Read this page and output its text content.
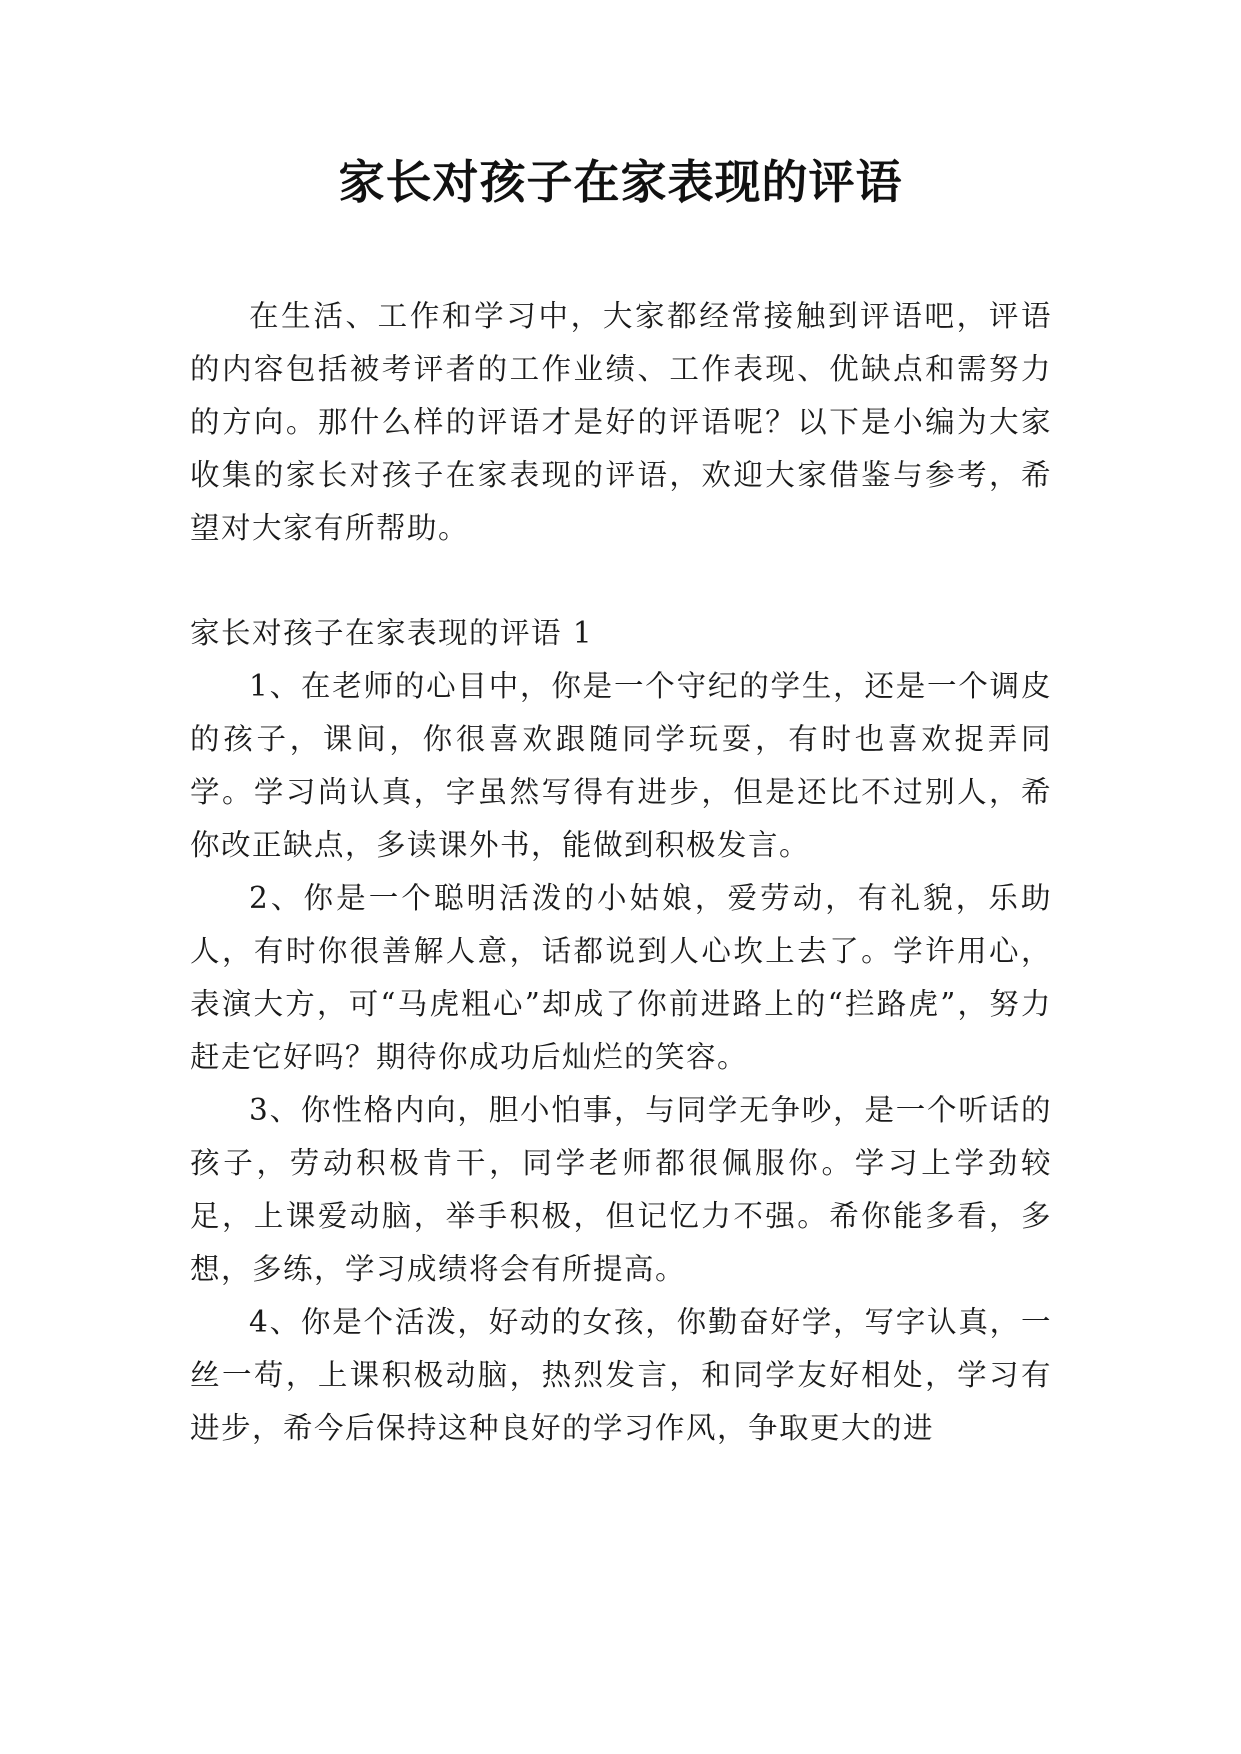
家长对孩子在家表现的评语

在生活、工作和学习中，大家都经常接触到评语吧，评语的内容包括被考评者的工作业绩、工作表现、优缺点和需努力的方向。那什么样的评语才是好的评语呢？以下是小编为大家收集的家长对孩子在家表现的评语，欢迎大家借鉴与参考，希望对大家有所帮助。

家长对孩子在家表现的评语 1

1、在老师的心目中，你是一个守纪的学生，还是一个调皮的孩子，课间，你很喜欢跟随同学玩耍，有时也喜欢捉弄同学。学习尚认真，字虽然写得有进步，但是还比不过别人，希你改正缺点，多读课外书，能做到积极发言。

2、你是一个聪明活泼的小姑娘，爱劳动，有礼貌，乐助人，有时你很善解人意，话都说到人心坎上去了。学许用心，表演大方，可“马虎粗心”却成了你前进路上的“拦路虎”，努力赶走它好吗？期待你成功后灿烂的笑容。

3、你性格内向，胆小怕事，与同学无争吵，是一个听话的孩子，劳动积极肯干，同学老师都很佩服你。学习上学劲较足，上课爱动脑，举手积极，但记忆力不强。希你能多看，多想，多练，学习成绩将会有所提高。

4、你是个活泼，好动的女孩，你勤奋好学，写字认真，一丝一苟，上课积极动脑，热烈发言，和同学友好相处，学习有进步，希今后保持这种良好的学习作风，争取更大的进
